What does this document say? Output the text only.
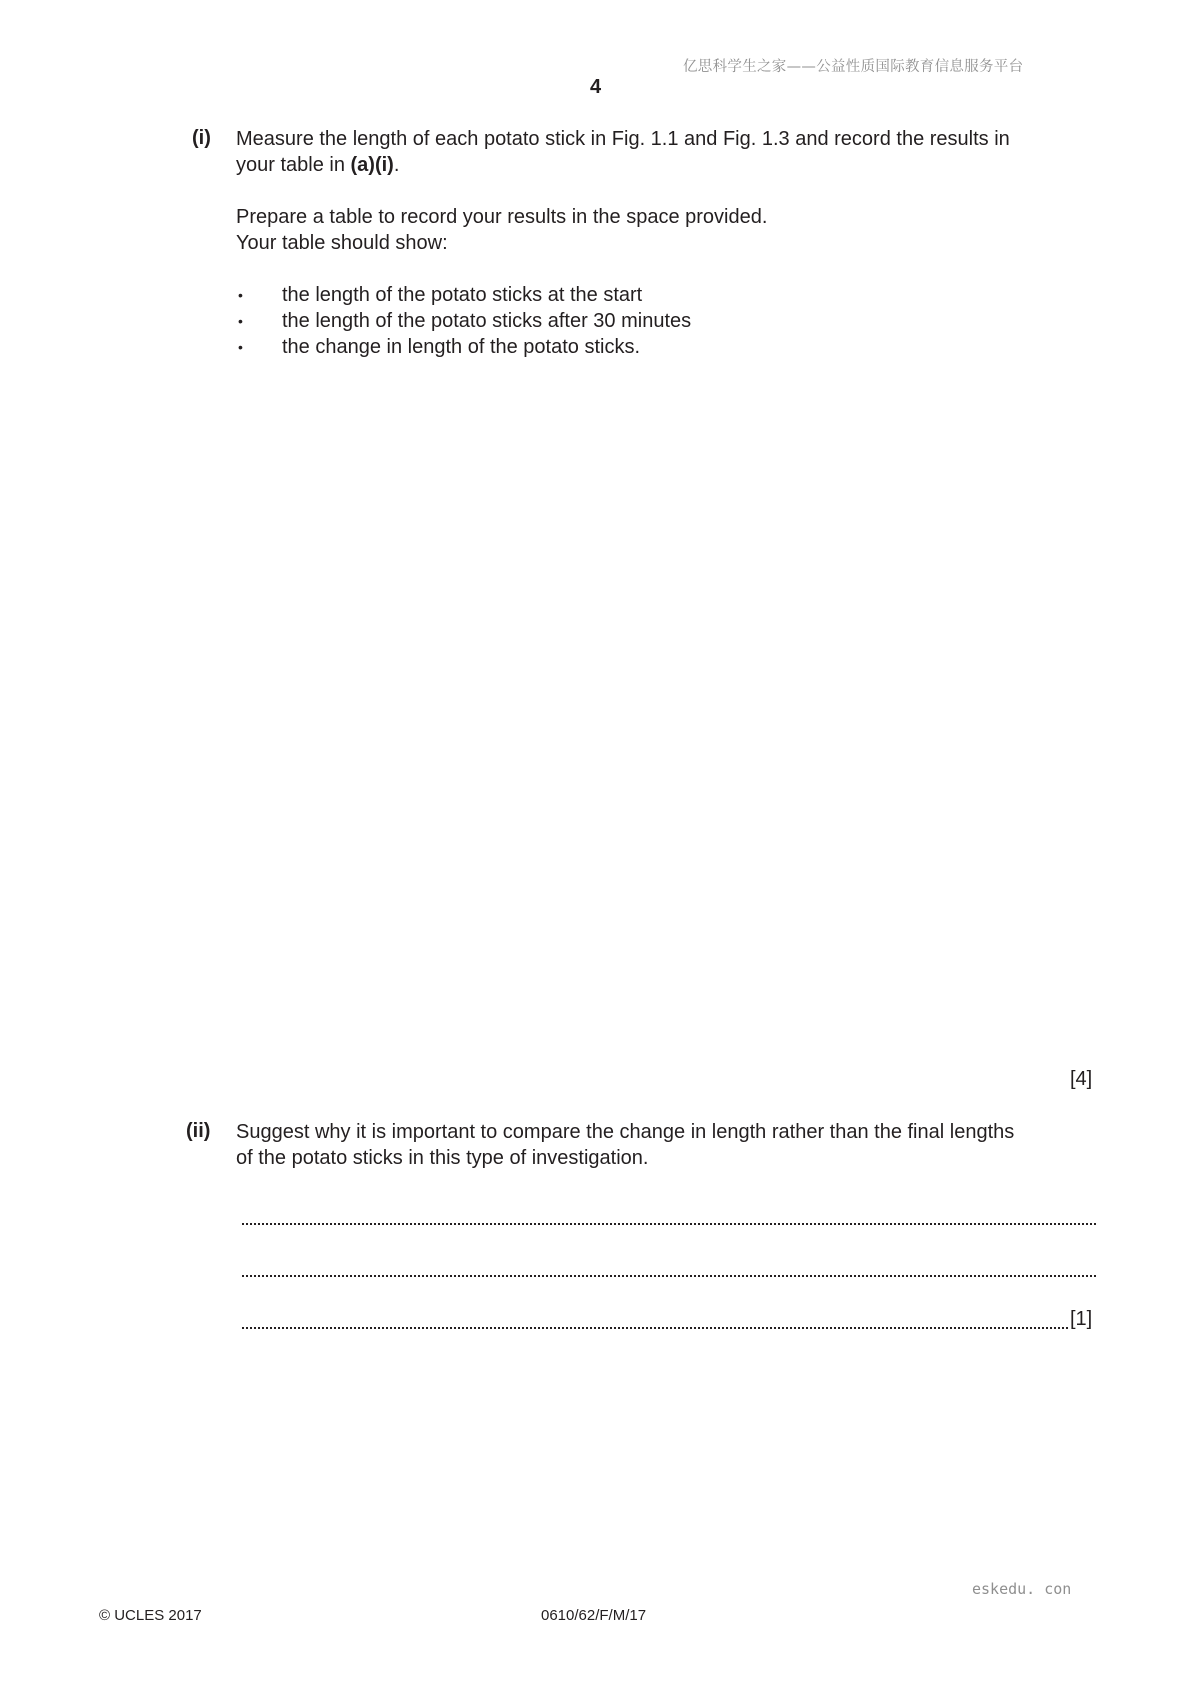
亿思科学生之家——公益性质国际教育信息服务平台
4
(i) Measure the length of each potato stick in Fig. 1.1 and Fig. 1.3 and record the results in
your table in (a)(i).
Prepare a table to record your results in the space provided.
Your table should show:
• the length of the potato sticks at the start
• the length of the potato sticks after 30 minutes
• the change in length of the potato sticks.
[4]
(ii) Suggest why it is important to compare the change in length rather than the final lengths
of the potato sticks in this type of investigation.
[1]
eskedu. con
© UCLES 2017	0610/62/F/M/17
